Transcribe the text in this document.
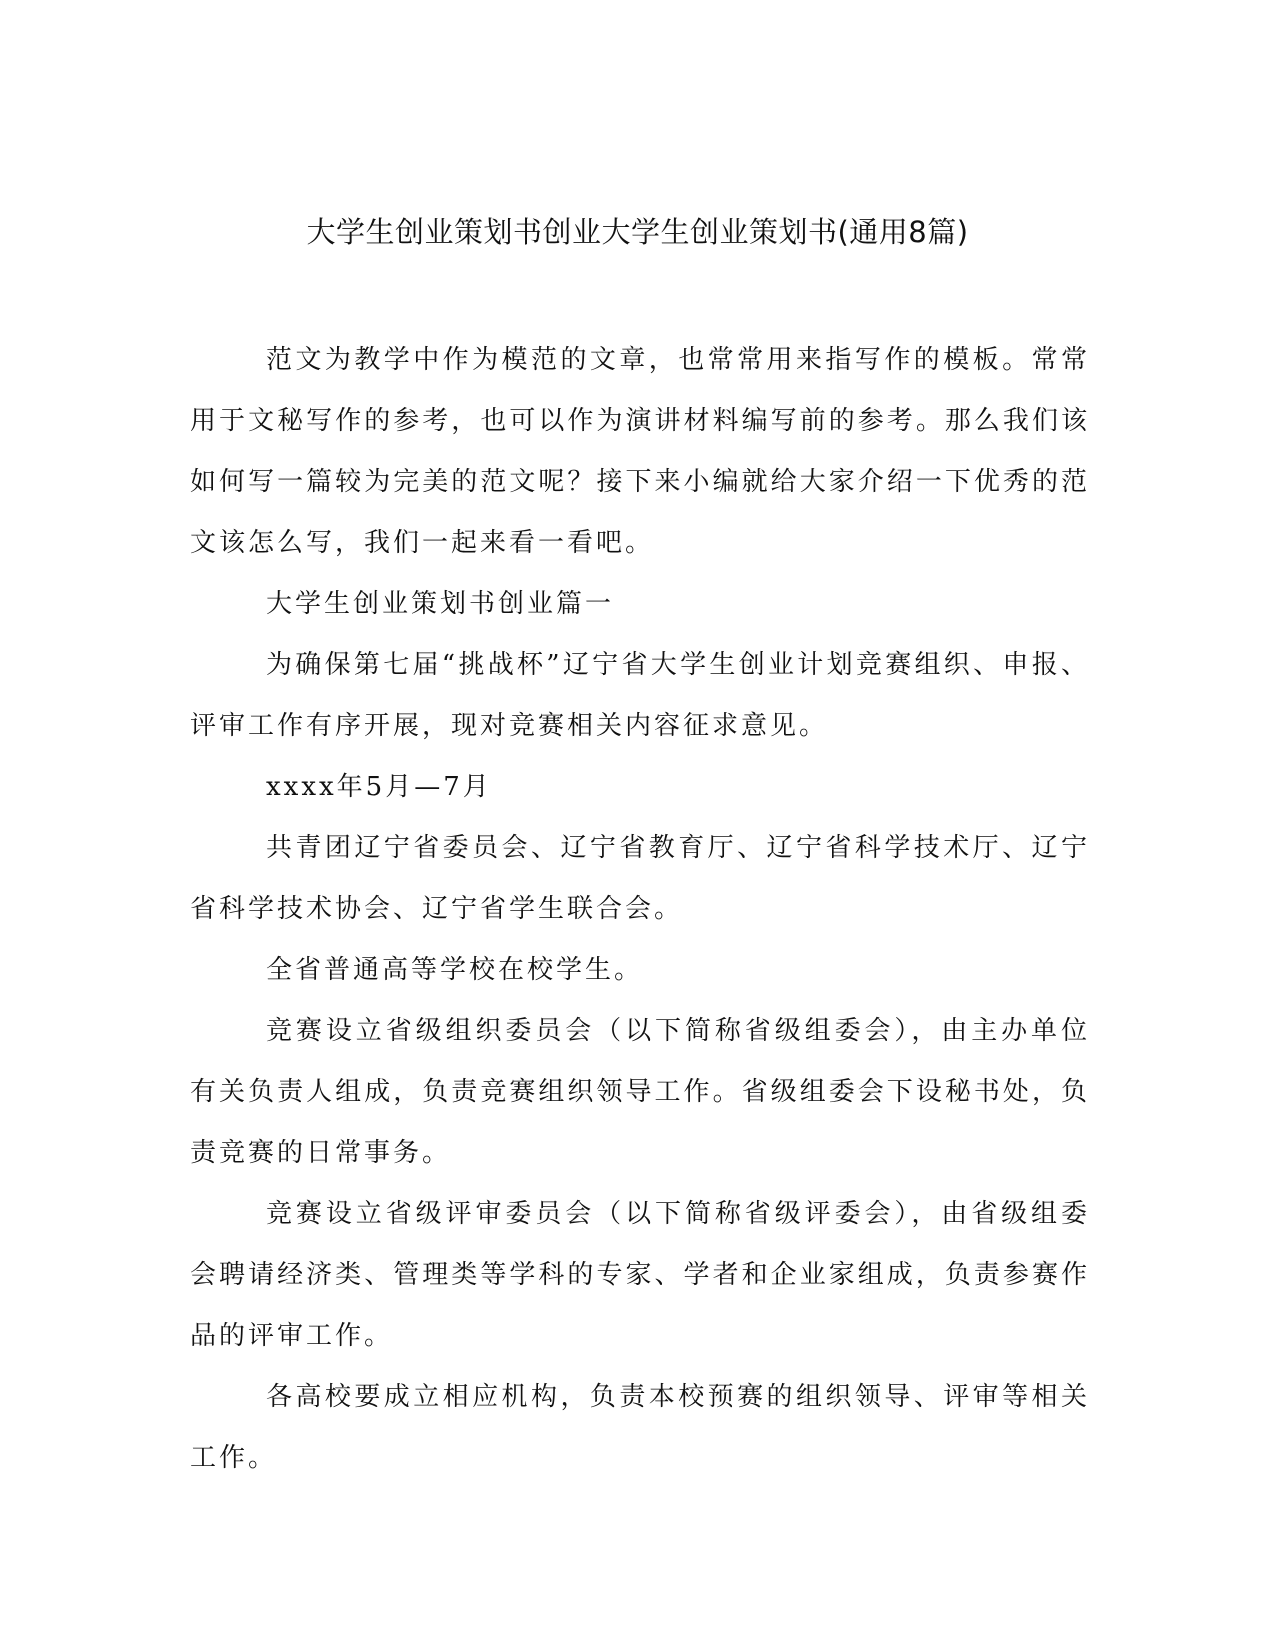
大学生创业策划书创业大学生创业策划书(通用8篇)

范文为教学中作为模范的文章，也常常用来指写作的模板。常常用于文秘写作的参考，也可以作为演讲材料编写前的参考。那么我们该如何写一篇较为完美的范文呢？接下来小编就给大家介绍一下优秀的范文该怎么写，我们一起来看一看吧。

大学生创业策划书创业篇一

为确保第七届“挑战杯”辽宁省大学生创业计划竞赛组织、申报、评审工作有序开展，现对竞赛相关内容征求意见。

xxxx年5月—7月

共青团辽宁省委员会、辽宁省教育厅、辽宁省科学技术厅、辽宁省科学技术协会、辽宁省学生联合会。

全省普通高等学校在校学生。

竞赛设立省级组织委员会（以下简称省级组委会），由主办单位有关负责人组成，负责竞赛组织领导工作。省级组委会下设秘书处，负责竞赛的日常事务。

竞赛设立省级评审委员会（以下简称省级评委会），由省级组委会聘请经济类、管理类等学科的专家、学者和企业家组成，负责参赛作品的评审工作。

各高校要成立相应机构，负责本校预赛的组织领导、评审等相关工作。
